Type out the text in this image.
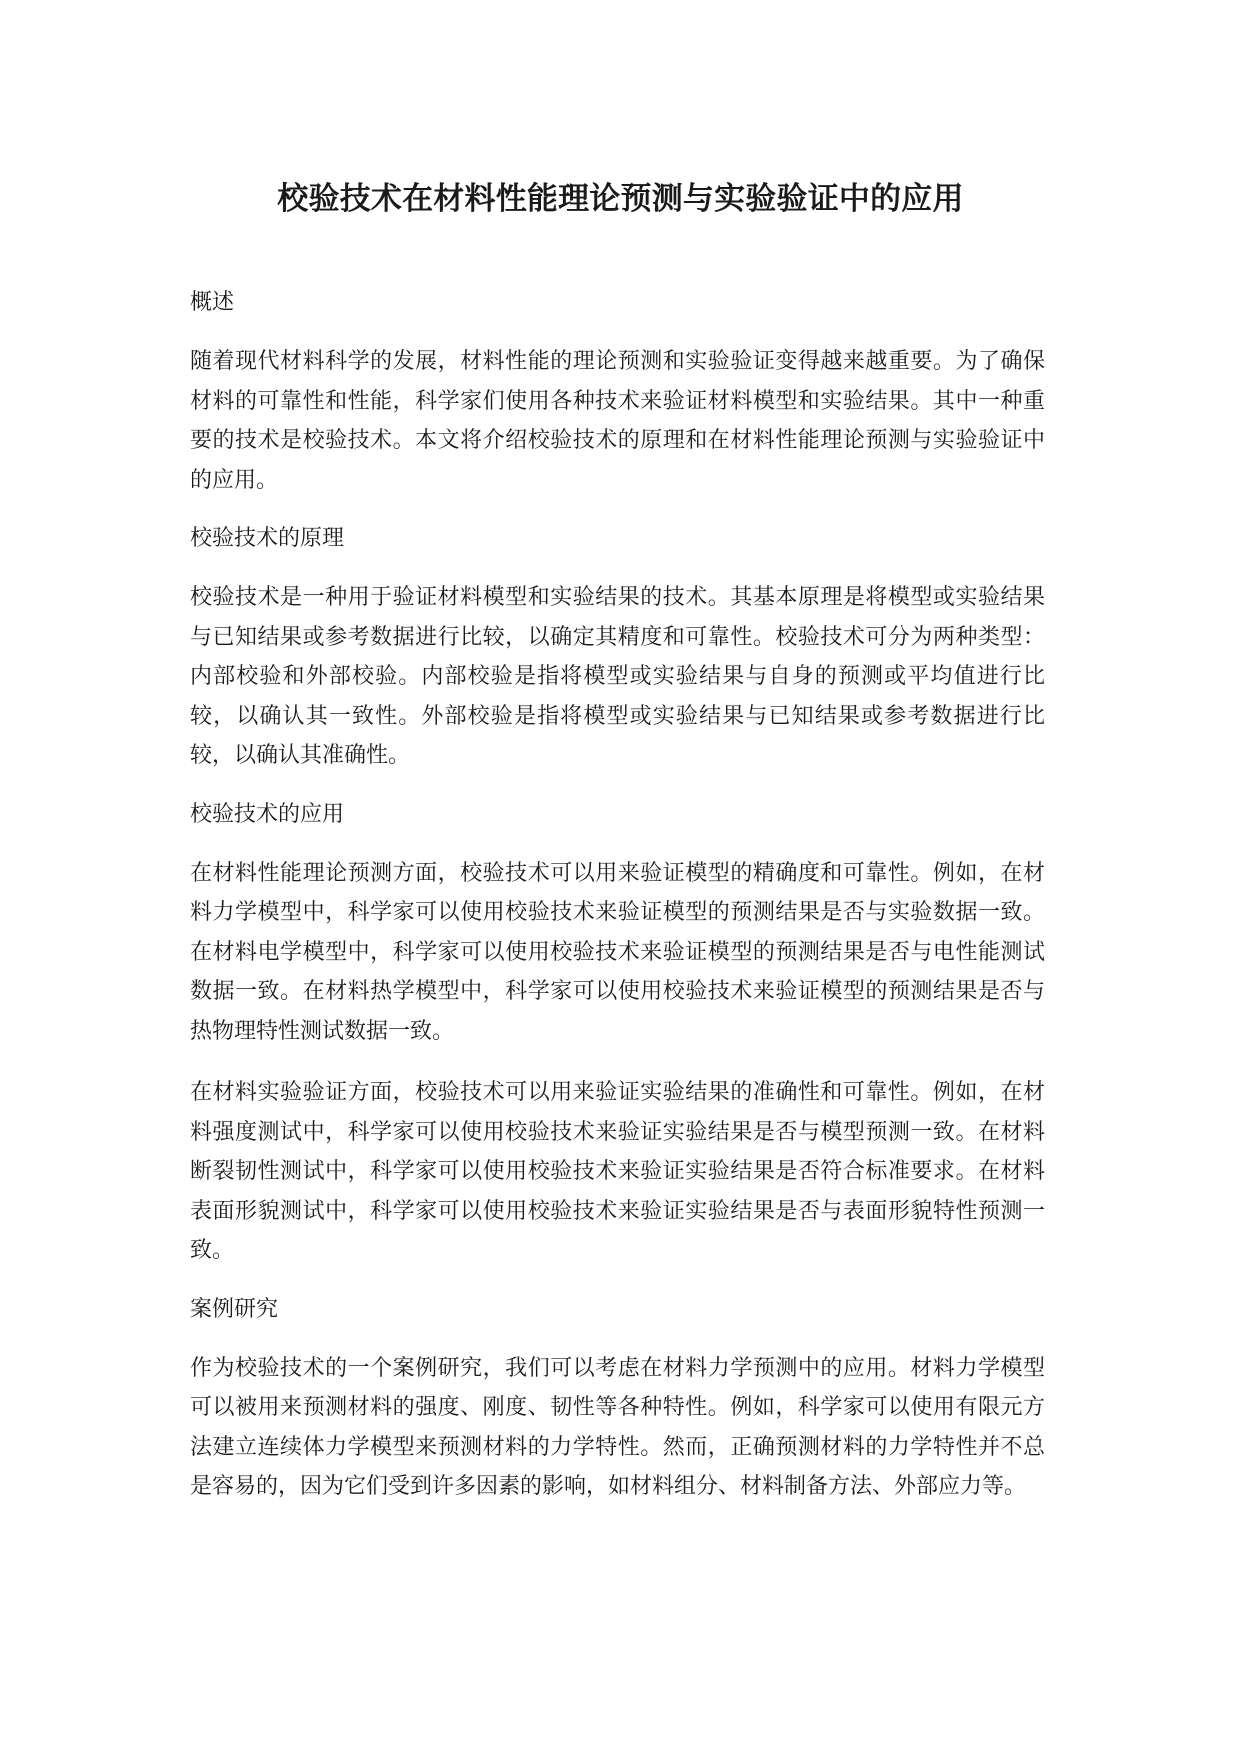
校验技术在材料性能理论预测与实验验证中的应用
概述

随着现代材料科学的发展，材料性能的理论预测和实验验证变得越来越重要。为了确保材料的可靠性和性能，科学家们使用各种技术来验证材料模型和实验结果。其中一种重要的技术是校验技术。本文将介绍校验技术的原理和在材料性能理论预测与实验验证中的应用。

校验技术的原理

校验技术是一种用于验证材料模型和实验结果的技术。其基本原理是将模型或实验结果与已知结果或参考数据进行比较，以确定其精度和可靠性。校验技术可分为两种类型：内部校验和外部校验。内部校验是指将模型或实验结果与自身的预测或平均值进行比较，以确认其一致性。外部校验是指将模型或实验结果与已知结果或参考数据进行比较，以确认其准确性。

校验技术的应用

在材料性能理论预测方面，校验技术可以用来验证模型的精确度和可靠性。例如，在材料力学模型中，科学家可以使用校验技术来验证模型的预测结果是否与实验数据一致。在材料电学模型中，科学家可以使用校验技术来验证模型的预测结果是否与电性能测试数据一致。在材料热学模型中，科学家可以使用校验技术来验证模型的预测结果是否与热物理特性测试数据一致。

在材料实验验证方面，校验技术可以用来验证实验结果的准确性和可靠性。例如，在材料强度测试中，科学家可以使用校验技术来验证实验结果是否与模型预测一致。在材料断裂韧性测试中，科学家可以使用校验技术来验证实验结果是否符合标准要求。在材料表面形貌测试中，科学家可以使用校验技术来验证实验结果是否与表面形貌特性预测一致。

案例研究

作为校验技术的一个案例研究，我们可以考虑在材料力学预测中的应用。材料力学模型可以被用来预测材料的强度、刚度、韧性等各种特性。例如，科学家可以使用有限元方法建立连续体力学模型来预测材料的力学特性。然而，正确预测材料的力学特性并不总是容易的，因为它们受到许多因素的影响，如材料组分、材料制备方法、外部应力等。
